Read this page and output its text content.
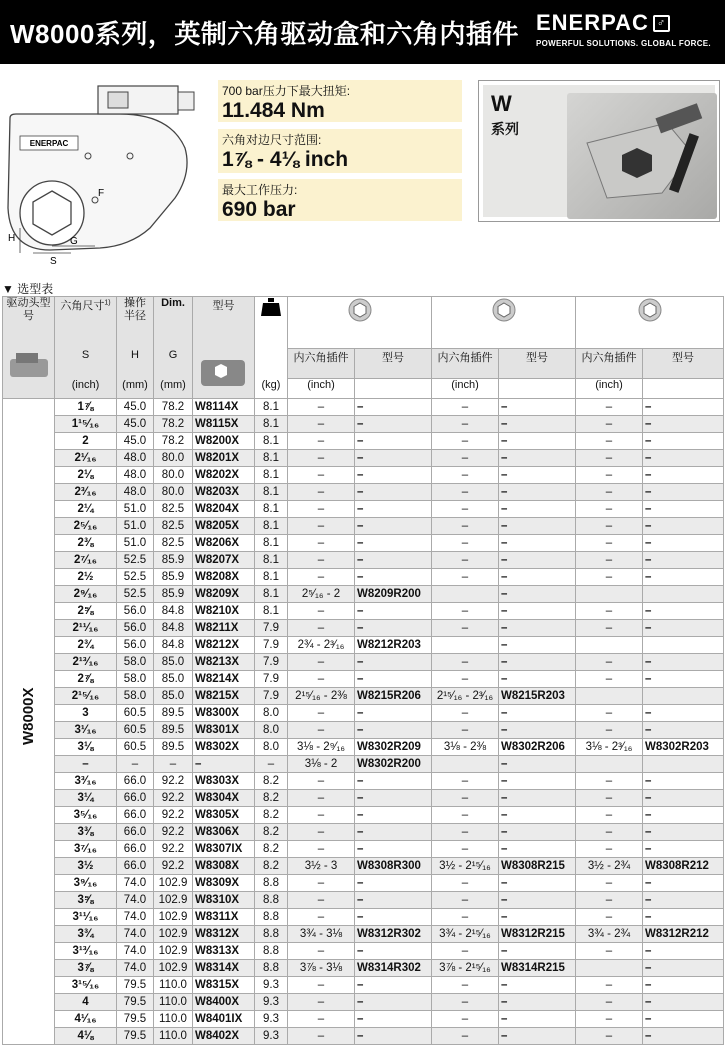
W8000系列，英制六角驱动盒和六角内插件 ENERPAC ♂
POWERFUL SOLUTIONS. GLOBAL FORCE.
ENERPAC
H
S
G
F
700 bar压力下最大扭矩:
11.484 Nm
六角对边尺寸范围:
1⅞ - 4⅛ inch
最大工作压力:
690 bar
W
系列
▼ 选型表
驱动头型号	六角尺寸$^{1)}$	操作半径	Dim.	型号				
	S	H	G			内六角插件	型号	内六角插件	型号	内六角插件	型号
	(inch)	(mm)	(mm)		(kg)	(inch)		(inch)		(inch)	

W8000X	1⅞	45.0	78.2	W8114X	8.1	–	–	–	–	–	–
	1¹⁵⁄₁₆	45.0	78.2	W8115X	8.1	–	–	–	–	–	–
	2	45.0	78.2	W8200X	8.1	–	–	–	–	–	–
	2¹⁄₁₆	48.0	80.0	W8201X	8.1	–	–	–	–	–	–
	2⅛	48.0	80.0	W8202X	8.1	–	–	–	–	–	–
	2³⁄₁₆	48.0	80.0	W8203X	8.1	–	–	–	–	–	–
	2¼	51.0	82.5	W8204X	8.1	–	–	–	–	–	–
	2⁵⁄₁₆	51.0	82.5	W8205X	8.1	–	–	–	–	–	–
	2⅜	51.0	82.5	W8206X	8.1	–	–	–	–	–	–
	2⁷⁄₁₆	52.5	85.9	W8207X	8.1	–	–	–	–	–	–
	2½	52.5	85.9	W8208X	8.1	–	–	–	–	–	–
	2⁹⁄₁₆	52.5	85.9	W8209X	8.1	2⁵⁄₁₆ - 2	W8209R200		–		
	2⅝	56.0	84.8	W8210X	8.1	–	–	–	–	–	–
	2¹¹⁄₁₆	56.0	84.8	W8211X	7.9	–	–	–	–	–	–
	2¾	56.0	84.8	W8212X	7.9	2¾ - 2³⁄₁₆	W8212R203		–		
	2¹³⁄₁₆	58.0	85.0	W8213X	7.9	–	–	–	–	–	–
	2⅞	58.0	85.0	W8214X	7.9	–	–	–	–	–	–
	2¹⁵⁄₁₆	58.0	85.0	W8215X	7.9	2¹⁵⁄₁₆ - 2⅜	W8215R206	2¹⁵⁄₁₆ - 2³⁄₁₆	W8215R203		
	3	60.5	89.5	W8300X	8.0	–	–	–	–	–	–
	3¹⁄₁₆	60.5	89.5	W8301X	8.0	–	–	–	–	–	–
	3⅛	60.5	89.5	W8302X	8.0	3⅛ - 2⁹⁄₁₆	W8302R209	3⅛ - 2⅜	W8302R206	3⅛ - 2³⁄₁₆	W8302R203
	–	–	–	–	–	3⅛ - 2	W8302R200		–		
	3³⁄₁₆	66.0	92.2	W8303X	8.2	–	–	–	–	–	–
	3¼	66.0	92.2	W8304X	8.2	–	–	–	–	–	–
	3⁵⁄₁₆	66.0	92.2	W8305X	8.2	–	–	–	–	–	–
	3⅜	66.0	92.2	W8306X	8.2	–	–	–	–	–	–
	3⁷⁄₁₆	66.0	92.2	W8307IX	8.2	–	–	–	–	–	–
	3½	66.0	92.2	W8308X	8.2	3½ - 3	W8308R300	3½ - 2¹⁵⁄₁₆	W8308R215	3½ - 2¾	W8308R212
	3⁹⁄₁₆	74.0	102.9	W8309X	8.8	–	–	–	–	–	–
	3⅝	74.0	102.9	W8310X	8.8	–	–	–	–	–	–
	3¹¹⁄₁₆	74.0	102.9	W8311X	8.8	–	–	–	–	–	–
	3¾	74.0	102.9	W8312X	8.8	3¾ - 3⅛	W8312R302	3¾ - 2¹⁵⁄₁₆	W8312R215	3¾ - 2¾	W8312R212
	3¹³⁄₁₆	74.0	102.9	W8313X	8.8	–	–	–	–	–	–
	3⅞	74.0	102.9	W8314X	8.8	3⅞ - 3⅛	W8314R302	3⅞ - 2¹⁵⁄₁₆	W8314R215		–
	3¹⁵⁄₁₆	79.5	110.0	W8315X	9.3	–	–	–	–	–	–
	4	79.5	110.0	W8400X	9.3	–	–	–	–	–	–
	4¹⁄₁₆	79.5	110.0	W8401IX	9.3	–	–	–	–	–	–
	4⅛	79.5	110.0	W8402X	9.3	–	–	–	–	–	–
